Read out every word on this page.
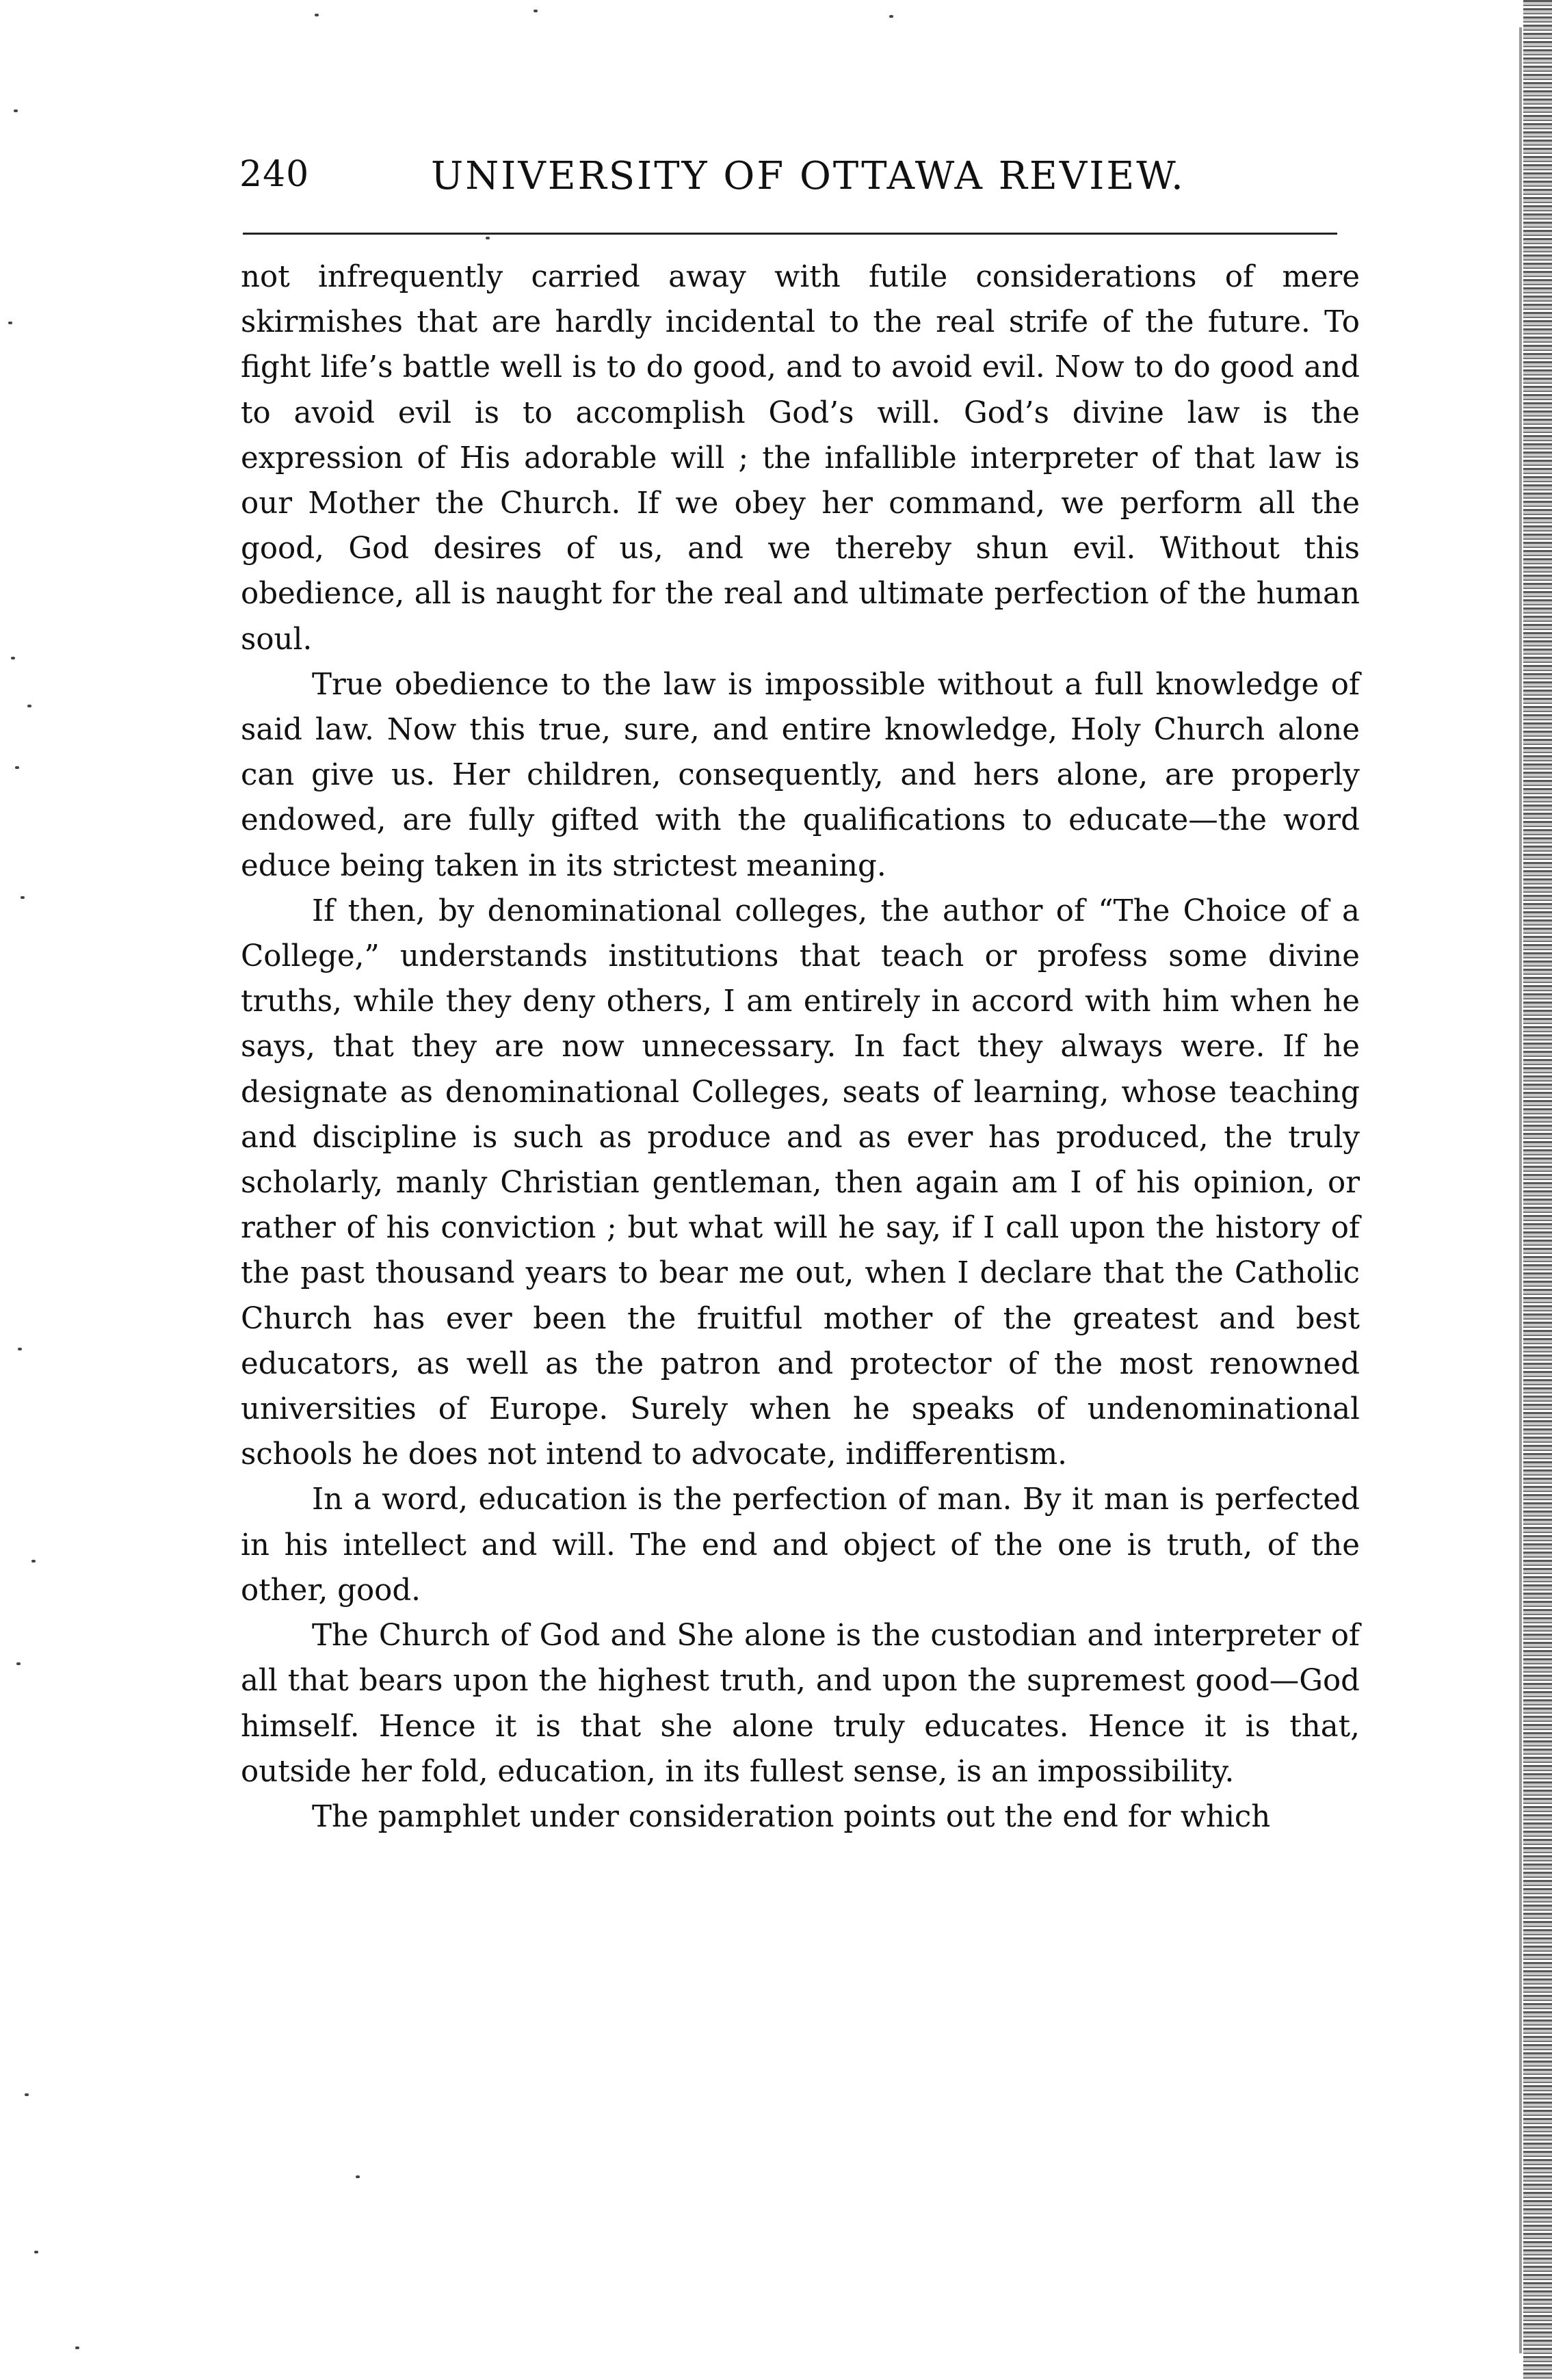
240	UNIVERSITY OF OTTAWA REVIEW.

not infrequently carried away with futile considerations of mere skirmishes that are hardly incidental to the real strife of the future. To fight life’s battle well is to do good, and to avoid evil. Now to do good and to avoid evil is to accomplish God’s will. God’s divine law is the expression of His adorable will ; the infallible interpreter of that law is our Mother the Church. If we obey her command, we perform all the good, God desires of us, and we thereby shun evil. Without this obedience, all is naught for the real and ultimate perfection of the human soul.

True obedience to the law is impossible without a full knowledge of said law. Now this true, sure, and entire knowledge, Holy Church alone can give us. Her children, consequently, and hers alone, are properly endowed, are fully gifted with the qualifications to educate—the word educe being taken in its strictest meaning.

If then, by denominational colleges, the author of “The Choice of a College,” understands institutions that teach or profess some divine truths, while they deny others, I am entirely in accord with him when he says, that they are now unnecessary. In fact they always were. If he designate as denominational Colleges, seats of learning, whose teaching and discipline is such as produce and as ever has produced, the truly scholarly, manly Christian gentleman, then again am I of his opinion, or rather of his conviction ; but what will he say, if I call upon the history of the past thousand years to bear me out, when I declare that the Catholic Church has ever been the fruitful mother of the greatest and best educators, as well as the patron and protector of the most renowned universities of Europe. Surely when he speaks of undenominational schools he does not intend to advocate, indifferentism.

In a word, education is the perfection of man. By it man is perfected in his intellect and will. The end and object of the one is truth, of the other, good.

The Church of God and She alone is the custodian and interpreter of all that bears upon the highest truth, and upon the supremest good—God himself. Hence it is that she alone truly educates. Hence it is that, outside her fold, education, in its fullest sense, is an impossibility.

The pamphlet under consideration points out the end for which
